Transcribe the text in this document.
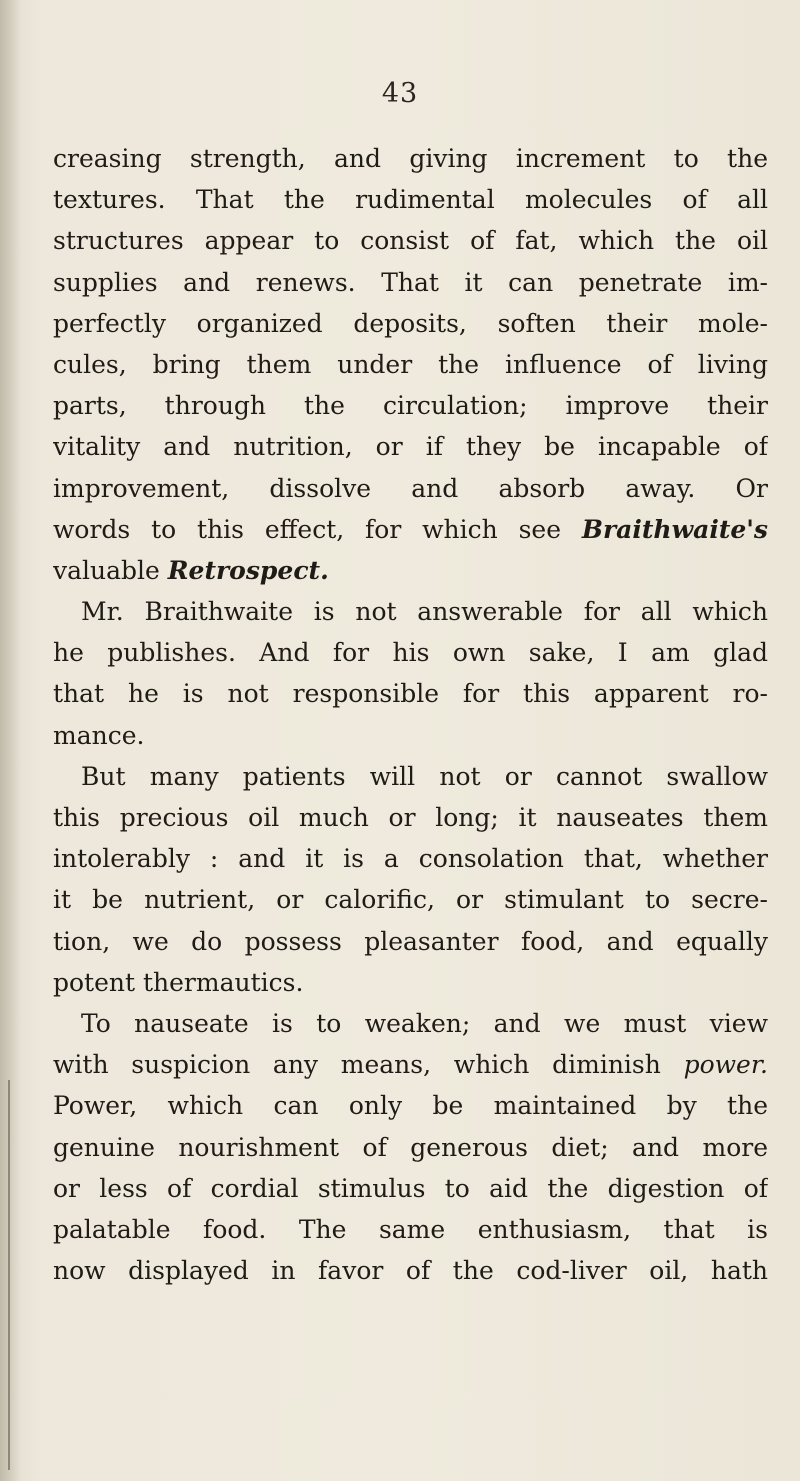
43
creasing strength, and giving increment to the
textures. That the rudimental molecules of all
structures appear to consist of fat, which the oil
supplies and renews. That it can penetrate im-
perfectly organized deposits, soften their mole-
cules, bring them under the influence of living
parts, through the circulation; improve their
vitality and nutrition, or if they be incapable of
improvement, dissolve and absorb away. Or
words to this effect, for which see Braithwaite's
valuable Retrospect.
Mr. Braithwaite is not answerable for all which
he publishes. And for his own sake, I am glad
that he is not responsible for this apparent ro-
mance.
But many patients will not or cannot swallow
this precious oil much or long; it nauseates them
intolerably : and it is a consolation that, whether
it be nutrient, or calorific, or stimulant to secre-
tion, we do possess pleasanter food, and equally
potent thermautics.
To nauseate is to weaken; and we must view
with suspicion any means, which diminish power.
Power, which can only be maintained by the
genuine nourishment of generous diet; and more
or less of cordial stimulus to aid the digestion of
palatable food. The same enthusiasm, that is
now displayed in favor of the cod-liver oil, hath
